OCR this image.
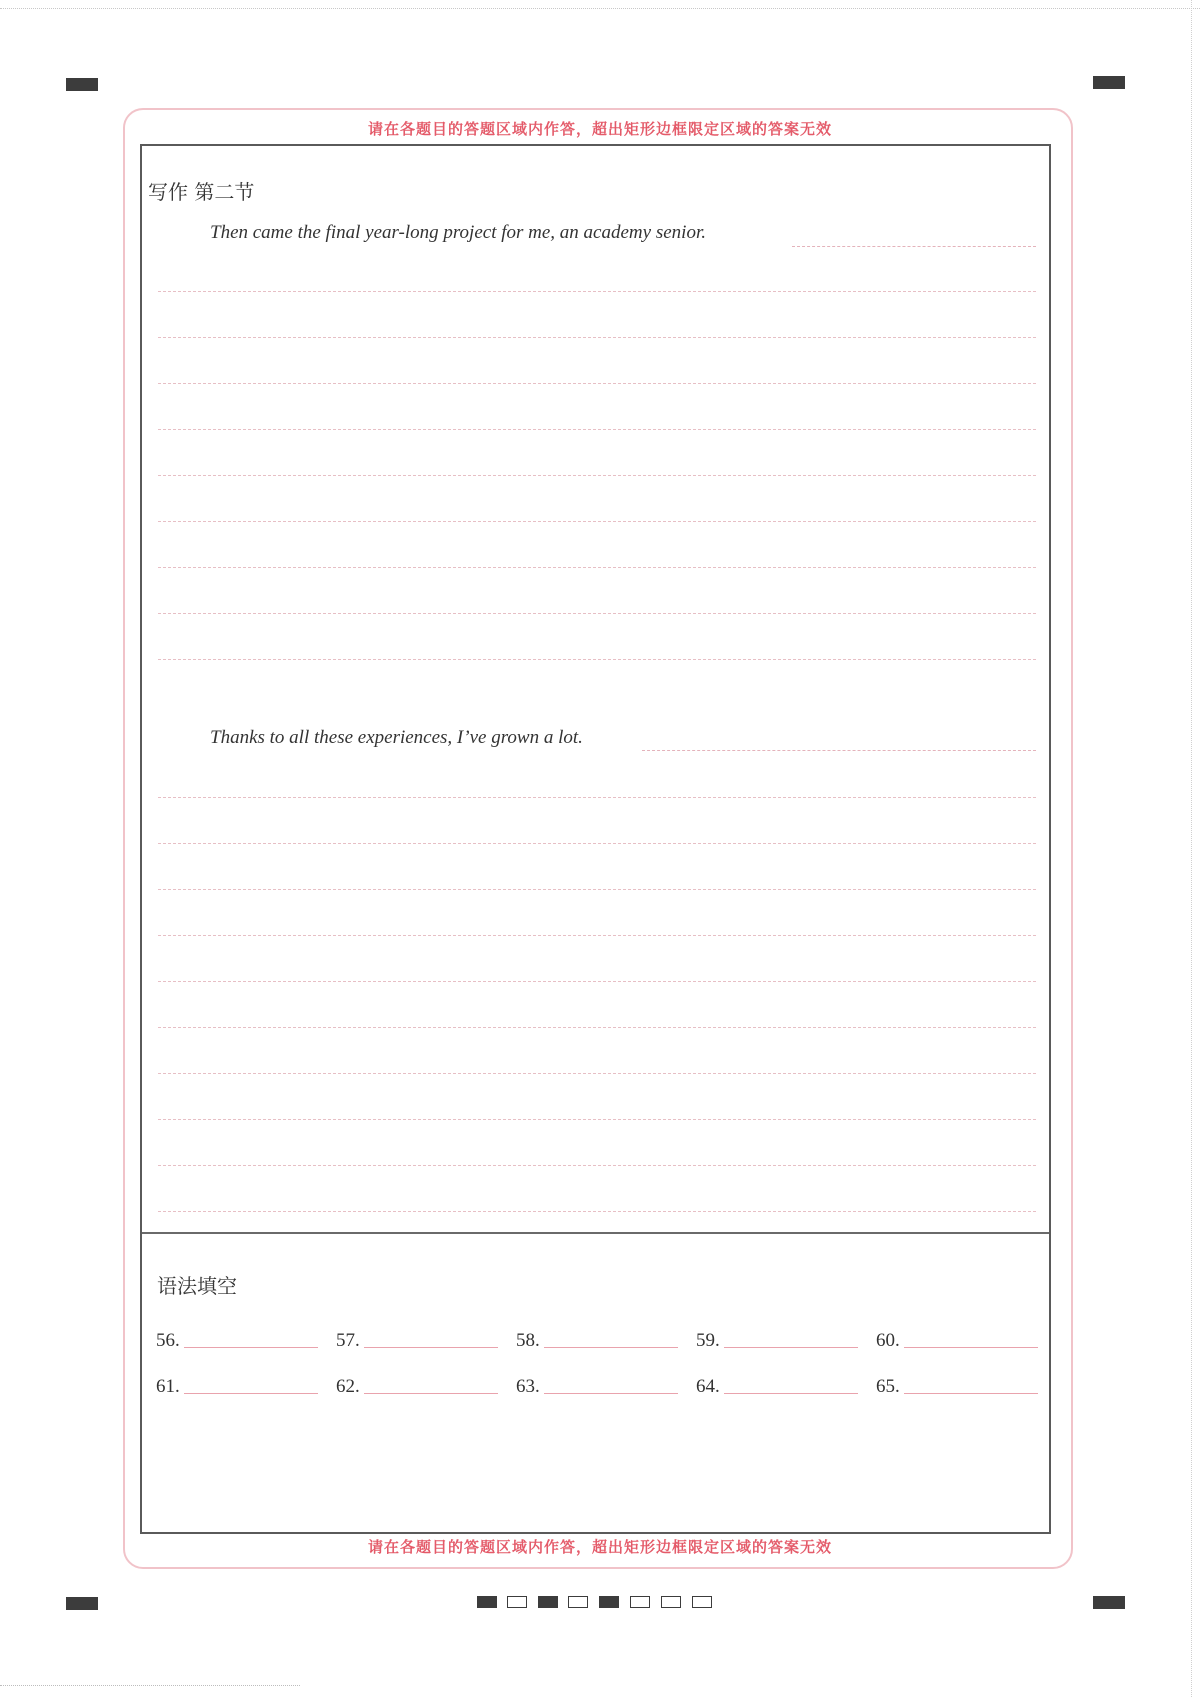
请在各题目的答题区域内作答，超出矩形边框限定区域的答案无效
请在各题目的答题区域内作答，超出矩形边框限定区域的答案无效
写作 第二节
Then came the final year-long project for me, an academy senior.
Thanks to all these experiences, I’ve grown a lot.
语法填空
56.	57.	58.	59.	60.
61.	62.	63.	64.	65.
